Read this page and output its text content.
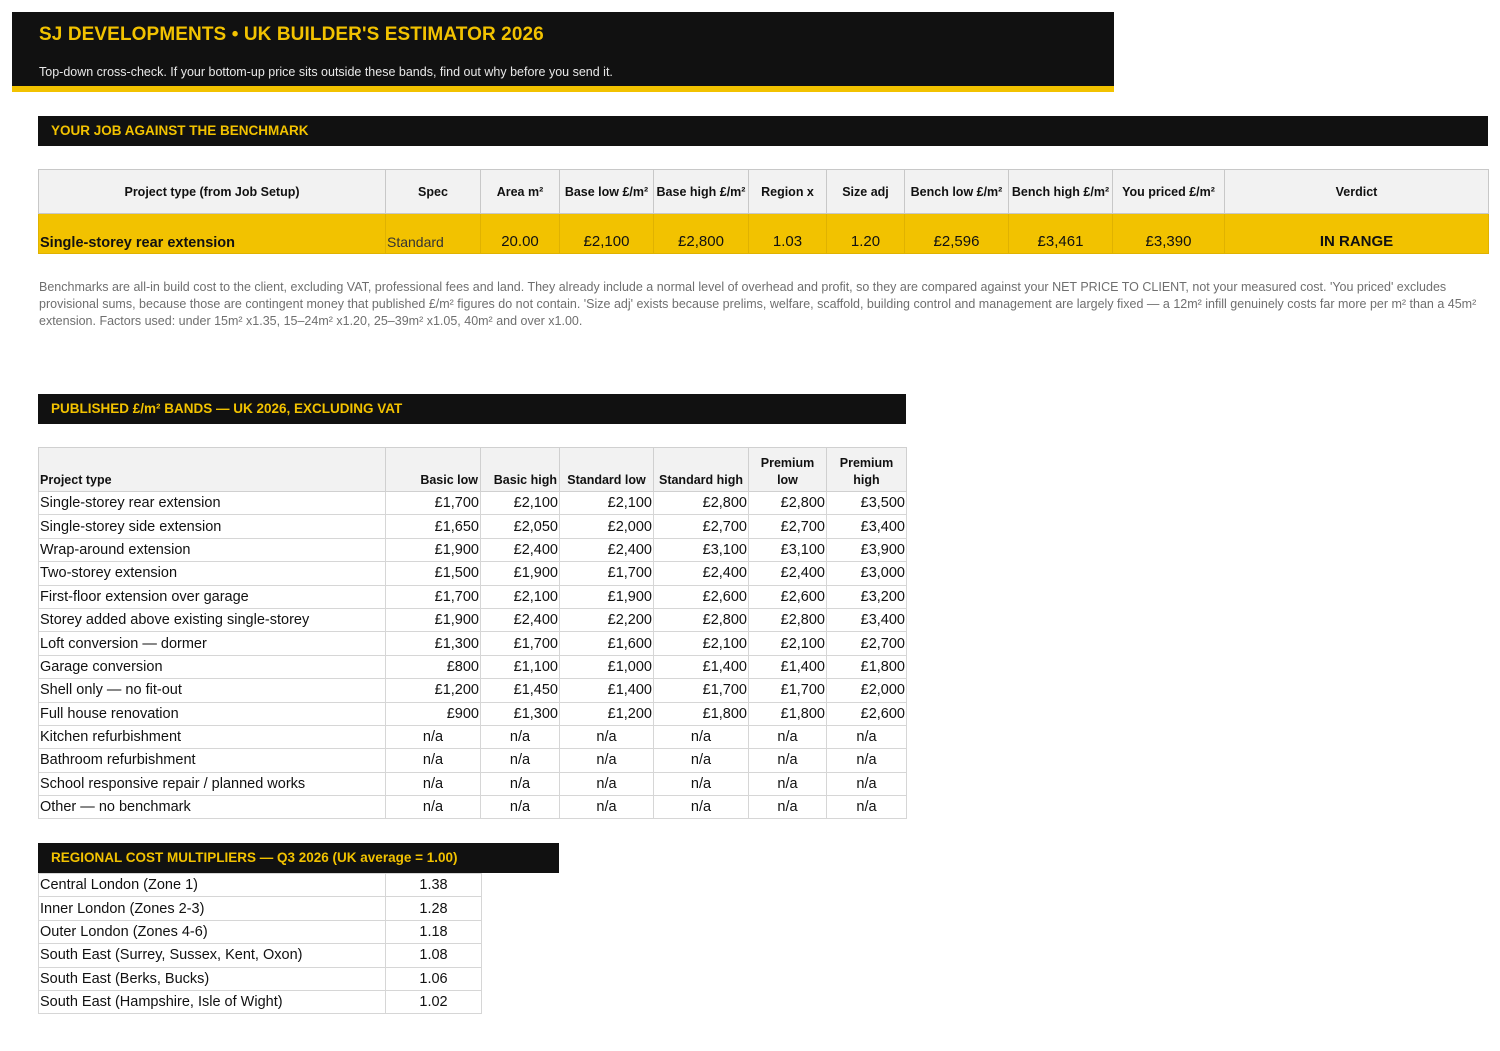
SJ DEVELOPMENTS • UK BUILDER'S ESTIMATOR 2026
Top-down cross-check. If your bottom-up price sits outside these bands, find out why before you send it.
YOUR JOB AGAINST THE BENCHMARK
Project type (from Job Setup)	Spec	Area m²	Base low £/m²	Base high £/m²	Region x	Size adj	Bench low £/m²	Bench high £/m²	You priced £/m²	Verdict
Single-storey rear extension	Standard	20.00	£2,100	£2,800	1.03	1.20	£2,596	£3,461	£3,390	IN RANGE
Benchmarks are all-in build cost to the client, excluding VAT, professional fees and land. They already include a normal level of overhead and profit, so they are compared against your NET PRICE TO CLIENT, not your measured cost. 'You priced' excludes provisional sums, because those are contingent money that published £/m² figures do not contain. 'Size adj' exists because prelims, welfare, scaffold, building control and management are largely fixed — a 12m² infill genuinely costs far more per m² than a 45m² extension. Factors used: under 15m² x1.35, 15–24m² x1.20, 25–39m² x1.05, 40m² and over x1.00.
PUBLISHED £/m² BANDS — UK 2026, EXCLUDING VAT
Project type	Basic low	Basic high	Standard low	Standard high	Premium low	Premium high
Single-storey rear extension	£1,700	£2,100	£2,100	£2,800	£2,800	£3,500
Single-storey side extension	£1,650	£2,050	£2,000	£2,700	£2,700	£3,400
Wrap-around extension	£1,900	£2,400	£2,400	£3,100	£3,100	£3,900
Two-storey extension	£1,500	£1,900	£1,700	£2,400	£2,400	£3,000
First-floor extension over garage	£1,700	£2,100	£1,900	£2,600	£2,600	£3,200
Storey added above existing single-storey	£1,900	£2,400	£2,200	£2,800	£2,800	£3,400
Loft conversion — dormer	£1,300	£1,700	£1,600	£2,100	£2,100	£2,700
Garage conversion	£800	£1,100	£1,000	£1,400	£1,400	£1,800
Shell only — no fit-out	£1,200	£1,450	£1,400	£1,700	£1,700	£2,000
Full house renovation	£900	£1,300	£1,200	£1,800	£1,800	£2,600
Kitchen refurbishment	n/a	n/a	n/a	n/a	n/a	n/a
Bathroom refurbishment	n/a	n/a	n/a	n/a	n/a	n/a
School responsive repair / planned works	n/a	n/a	n/a	n/a	n/a	n/a
Other — no benchmark	n/a	n/a	n/a	n/a	n/a	n/a
REGIONAL COST MULTIPLIERS — Q3 2026 (UK average = 1.00)
Central London (Zone 1)	1.38
Inner London (Zones 2-3)	1.28
Outer London (Zones 4-6)	1.18
South East (Surrey, Sussex, Kent, Oxon)	1.08
South East (Berks, Bucks)	1.06
South East (Hampshire, Isle of Wight)	1.02
